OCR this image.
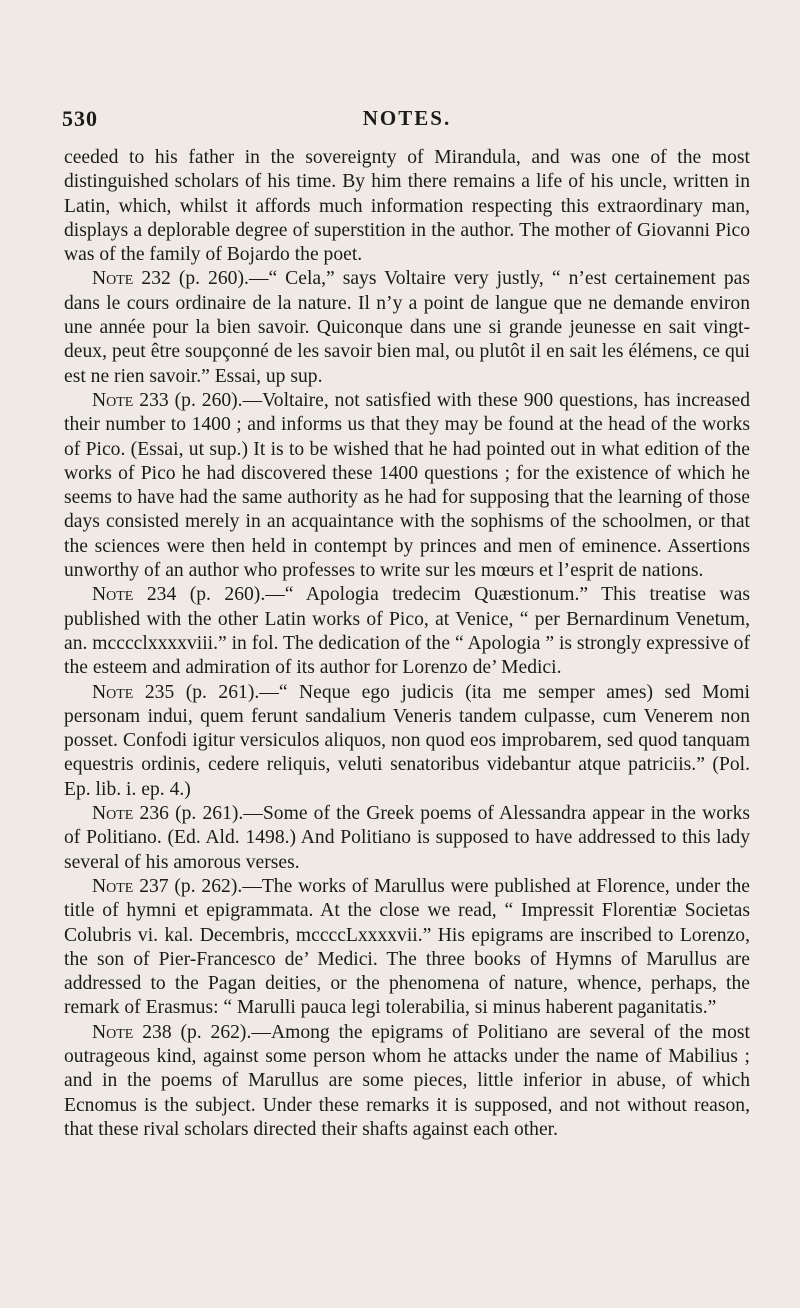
530	NOTES.

ceeded to his father in the sovereignty of Mirandula, and was one of the most distinguished scholars of his time. By him there remains a life of his uncle, written in Latin, which, whilst it affords much information respecting this extraordinary man, displays a deplorable degree of superstition in the author. The mother of Giovanni Pico was of the family of Bojardo the poet.

Note 232 (p. 260).—“ Cela,” says Voltaire very justly, “ n’est certainement pas dans le cours ordinaire de la nature. Il n’y a point de langue que ne demande environ une année pour la bien savoir. Quiconque dans une si grande jeunesse en sait vingt-deux, peut être soupçonné de les savoir bien mal, ou plutôt il en sait les élémens, ce qui est ne rien savoir.” Essai, up sup.

Note 233 (p. 260).—Voltaire, not satisfied with these 900 questions, has increased their number to 1400 ; and informs us that they may be found at the head of the works of Pico. (Essai, ut sup.) It is to be wished that he had pointed out in what edition of the works of Pico he had discovered these 1400 questions ; for the existence of which he seems to have had the same authority as he had for supposing that the learning of those days consisted merely in an acquaintance with the sophisms of the schoolmen, or that the sciences were then held in contempt by princes and men of eminence. Assertions unworthy of an author who professes to write sur les mœurs et l’esprit de nations.

Note 234 (p. 260).—“ Apologia tredecim Quæstionum.” This treatise was published with the other Latin works of Pico, at Venice, “ per Bernardinum Venetum, an. mcccclxxxxviii.” in fol. The dedication of the “ Apologia ” is strongly expressive of the esteem and admiration of its author for Lorenzo de’ Medici.

Note 235 (p. 261).—“ Neque ego judicis (ita me semper ames) sed Momi personam indui, quem ferunt sandalium Veneris tandem culpasse, cum Venerem non posset. Confodi igitur versiculos aliquos, non quod eos improbarem, sed quod tanquam equestris ordinis, cedere reliquis, veluti senatoribus videbantur atque patriciis.” (Pol. Ep. lib. i. ep. 4.)

Note 236 (p. 261).—Some of the Greek poems of Alessandra appear in the works of Politiano. (Ed. Ald. 1498.) And Politiano is supposed to have addressed to this lady several of his amorous verses.

Note 237 (p. 262).—The works of Marullus were published at Florence, under the title of hymni et epigrammata. At the close we read, “ Impressit Florentiæ Societas Colubris vi. kal. Decembris, mccccLxxxxvii.” His epigrams are inscribed to Lorenzo, the son of Pier-Francesco de’ Medici. The three books of Hymns of Marullus are addressed to the Pagan deities, or the phenomena of nature, whence, perhaps, the remark of Erasmus: “ Marulli pauca legi tolerabilia, si minus haberent paganitatis.”

Note 238 (p. 262).—Among the epigrams of Politiano are several of the most outrageous kind, against some person whom he attacks under the name of Mabilius ; and in the poems of Marullus are some pieces, little inferior in abuse, of which Ecnomus is the subject. Under these remarks it is supposed, and not without reason, that these rival scholars directed their shafts against each other.
